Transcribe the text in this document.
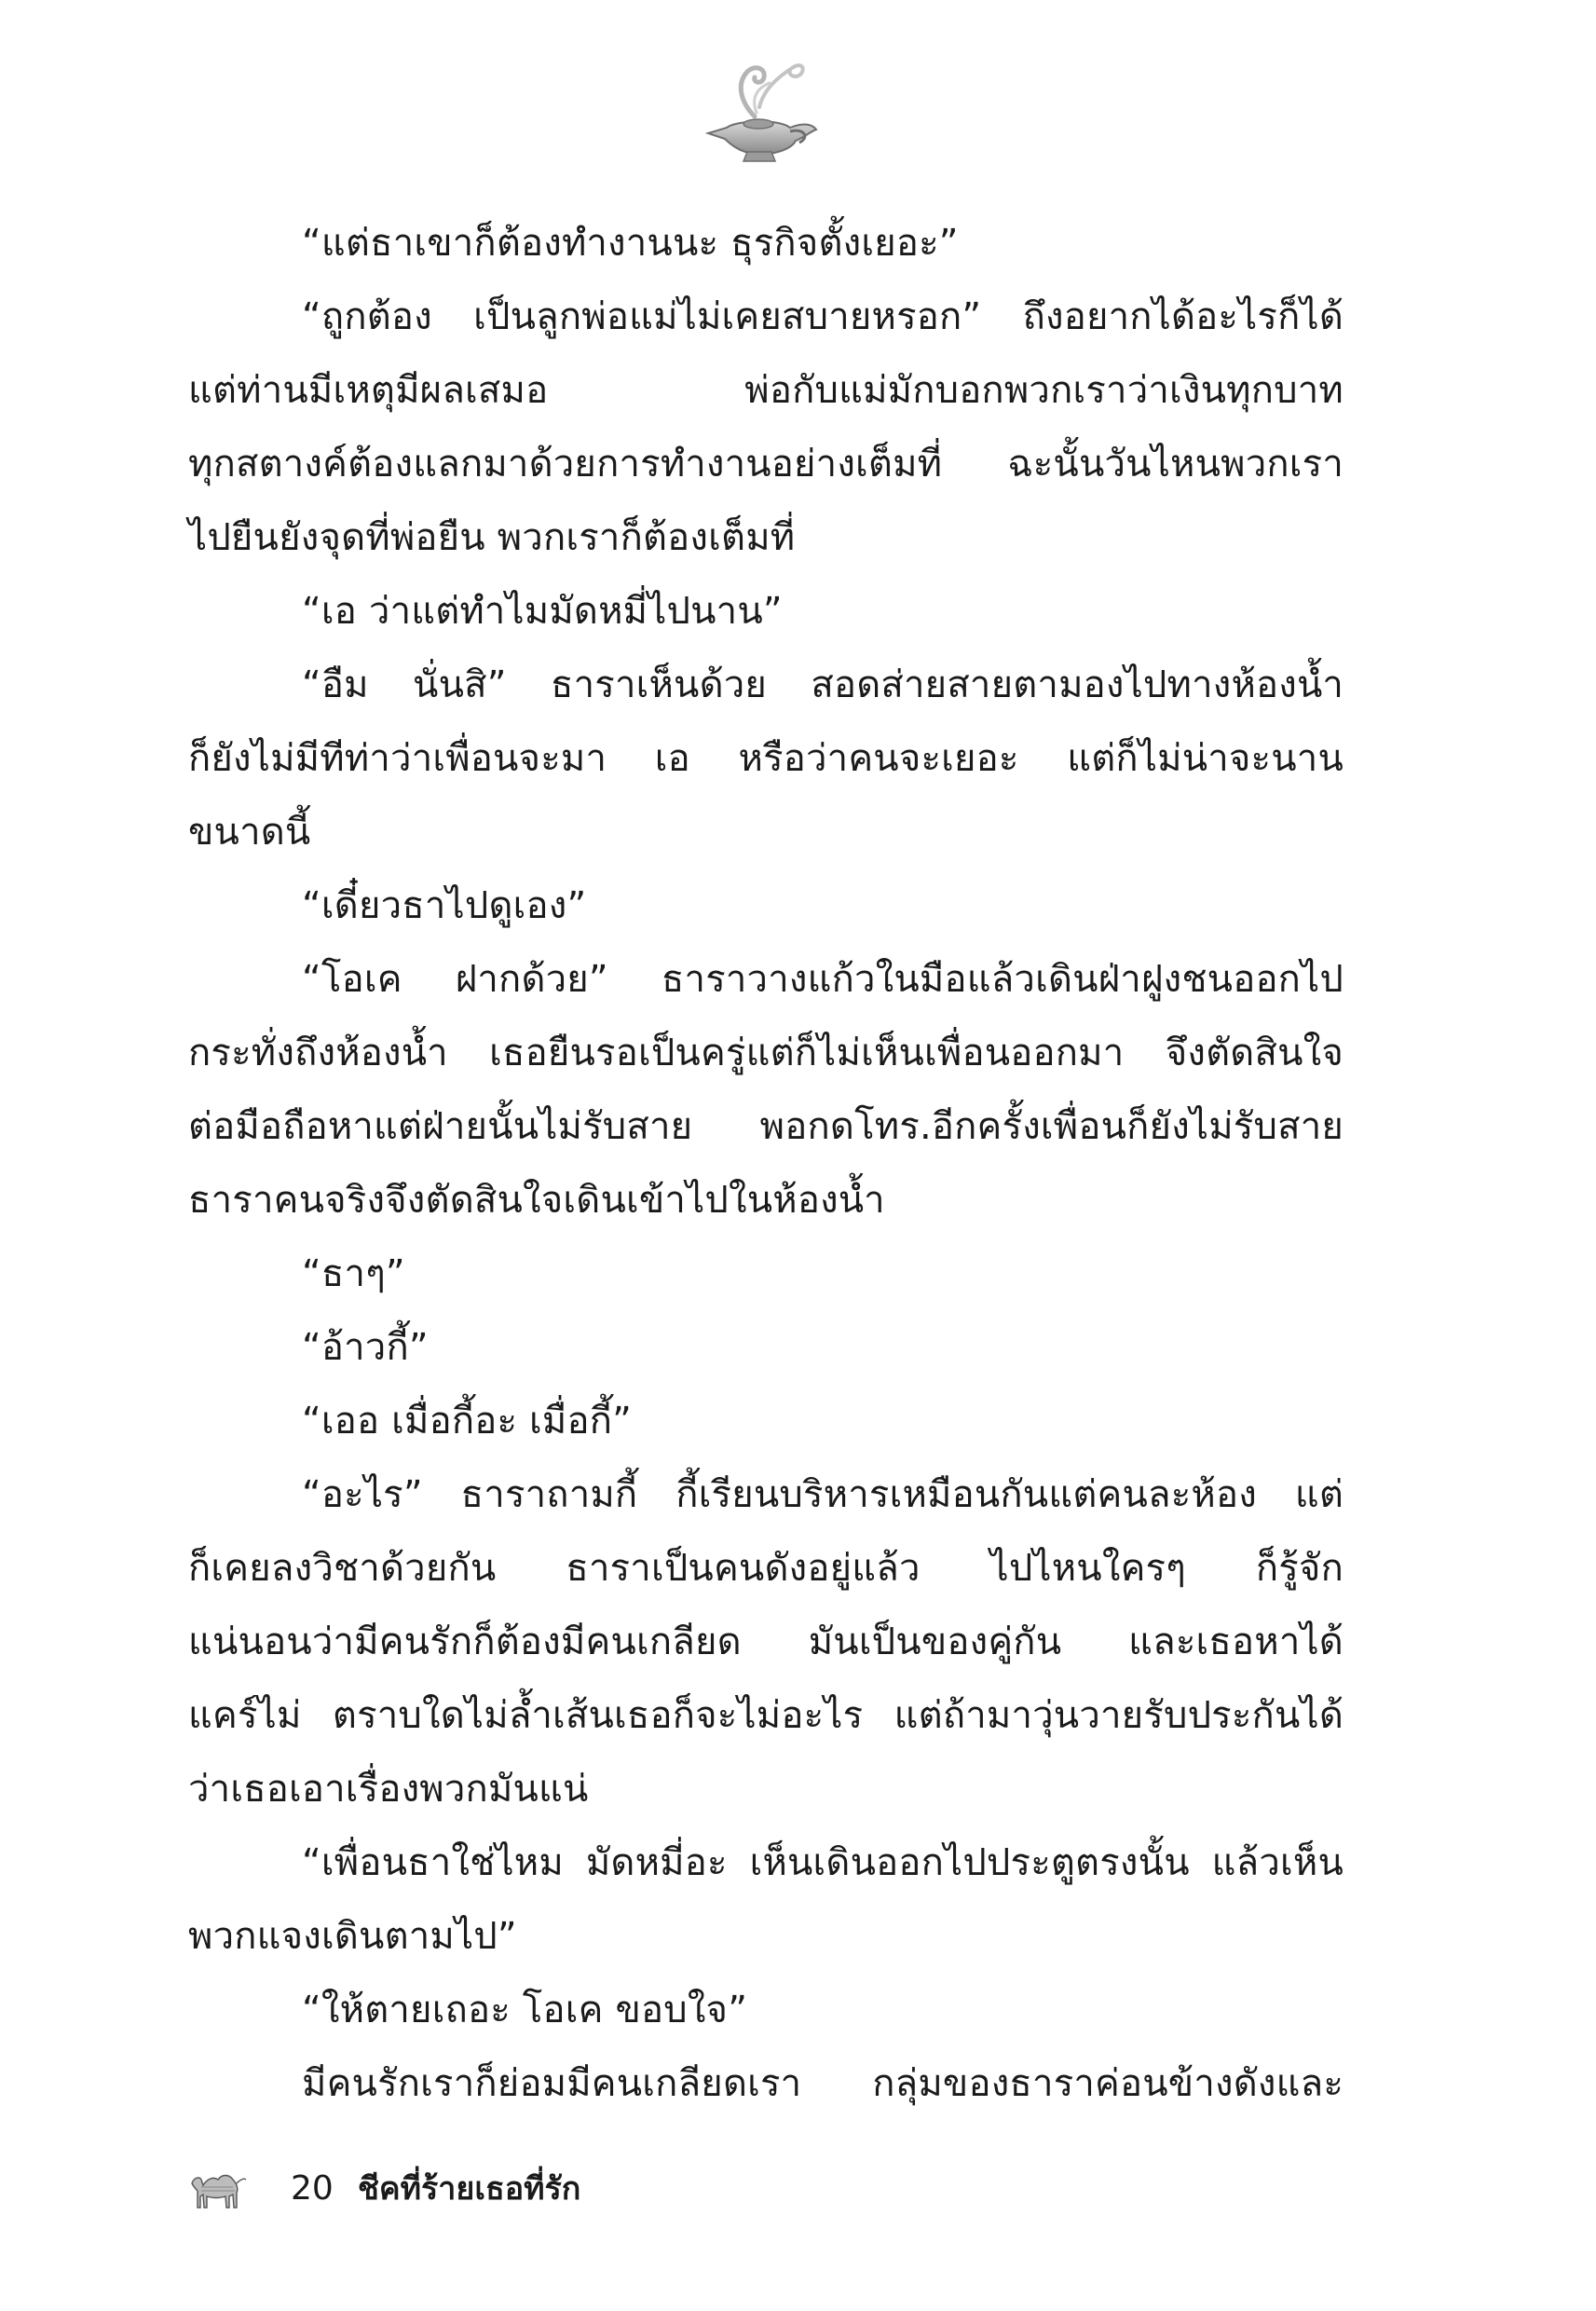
“แต่ธาเขาก็ต้องทำงานนะ ธุรกิจตั้งเยอะ”
“ถูกต้อง เป็นลูกพ่อแม่ไม่เคยสบายหรอก” ถึงอยากได้อะไรก็ได้
แต่ท่านมีเหตุมีผลเสมอ พ่อกับแม่มักบอกพวกเราว่าเงินทุกบาท
ทุกสตางค์ต้องแลกมาด้วยการทำงานอย่างเต็มที่ ฉะนั้นวันไหนพวกเรา
ไปยืนยังจุดที่พ่อยืน พวกเราก็ต้องเต็มที่
“เอ ว่าแต่ทำไมมัดหมี่ไปนาน”
“อืม นั่นสิ” ธาราเห็นด้วย สอดส่ายสายตามองไปทางห้องน้ำ
ก็ยังไม่มีทีท่าว่าเพื่อนจะมา เอ หรือว่าคนจะเยอะ แต่ก็ไม่น่าจะนาน
ขนาดนี้
“เดี๋ยวธาไปดูเอง”
“โอเค ฝากด้วย” ธาราวางแก้วในมือแล้วเดินฝ่าฝูงชนออกไป
กระทั่งถึงห้องน้ำ เธอยืนรอเป็นครู่แต่ก็ไม่เห็นเพื่อนออกมา จึงตัดสินใจ
ต่อมือถือหาแต่ฝ่ายนั้นไม่รับสาย พอกดโทร.อีกครั้งเพื่อนก็ยังไม่รับสาย
ธาราคนจริงจึงตัดสินใจเดินเข้าไปในห้องน้ำ
“ธาๆ”
“อ้าวกี้”
“เออ เมื่อกี้อะ เมื่อกี้”
“อะไร” ธาราถามกี้ กี้เรียนบริหารเหมือนกันแต่คนละห้อง แต่
ก็เคยลงวิชาด้วยกัน ธาราเป็นคนดังอยู่แล้ว ไปไหนใครๆ ก็รู้จัก
แน่นอนว่ามีคนรักก็ต้องมีคนเกลียด มันเป็นของคู่กัน และเธอหาได้
แคร์ไม่ ตราบใดไม่ล้ำเส้นเธอก็จะไม่อะไร แต่ถ้ามาวุ่นวายรับประกันได้
ว่าเธอเอาเรื่องพวกมันแน่
“เพื่อนธาใช่ไหม มัดหมี่อะ เห็นเดินออกไปประตูตรงนั้น แล้วเห็น
พวกแจงเดินตามไป”
“ให้ตายเถอะ โอเค ขอบใจ”
มีคนรักเราก็ย่อมมีคนเกลียดเรา กลุ่มของธาราค่อนข้างดังและ
20 ชีคที่ร้ายเธอที่รัก
